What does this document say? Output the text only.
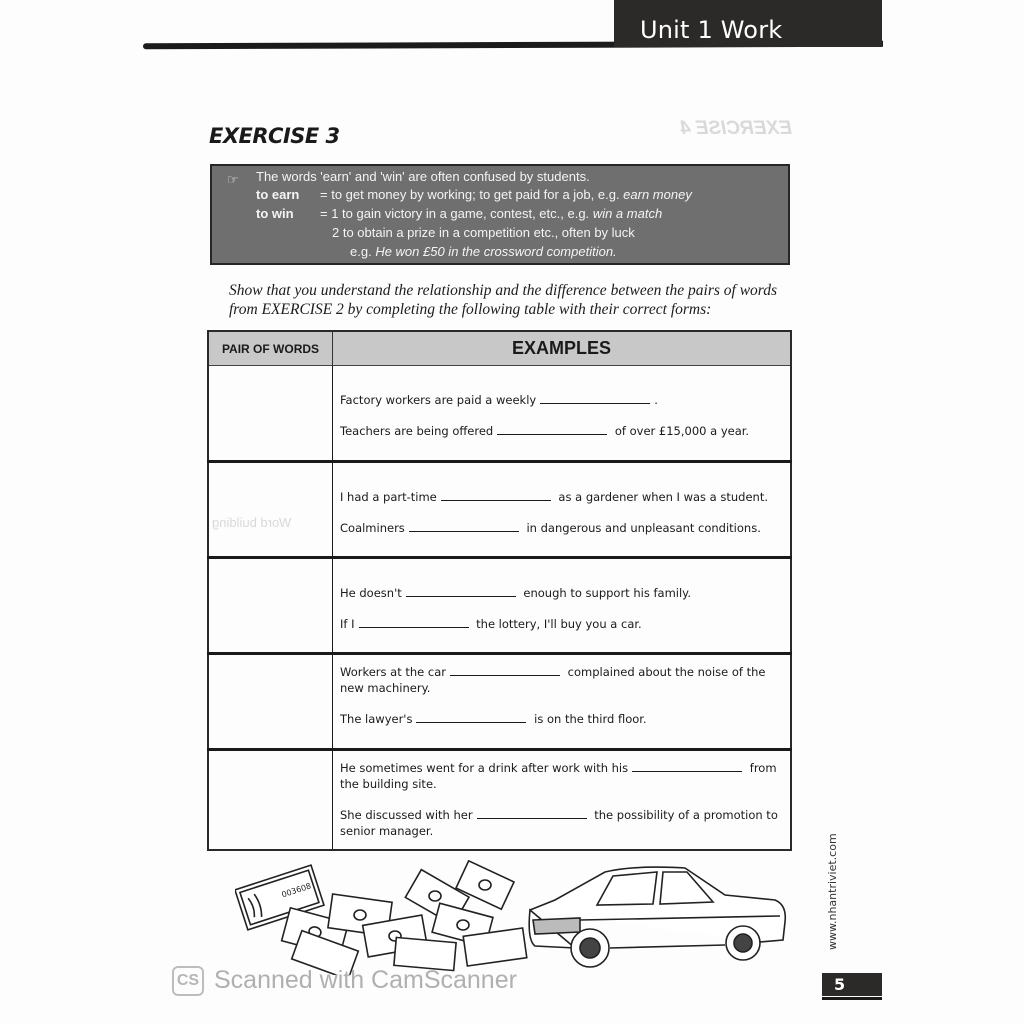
EXERCISE 4
Word building
Unit 1 Work
EXERCISE 3
☞ The words 'earn' and 'win' are often confused by students.
to earn = to get money by working; to get paid for a job, e.g. earn money
to win = 1 to gain victory in a game, contest, etc., e.g. win a match
2 to obtain a prize in a competition etc., often by luck
e.g. He won £50 in the crossword competition.
Show that you understand the relationship and the difference between the pairs of words from EXERCISE 2 by completing the following table with their correct forms:
PAIR OF WORDS	EXAMPLES

	Factory workers are paid a weekly .
Teachers are being offered of over £15,000 a year.

	I had a part-time as a gardener when I was a student.
Coalminers in dangerous and unpleasant conditions.

	He doesn't enough to support his family.
If I the lottery, I'll buy you a car.

	Workers at the car complained about the noise of the new machinery.
The lawyer's is on the third floor.

	He sometimes went for a drink after work with his from the building site.
She discussed with her the possibility of a promotion to senior manager.
003608
CS Scanned with CamScanner
www.nhantriviet.com
5
